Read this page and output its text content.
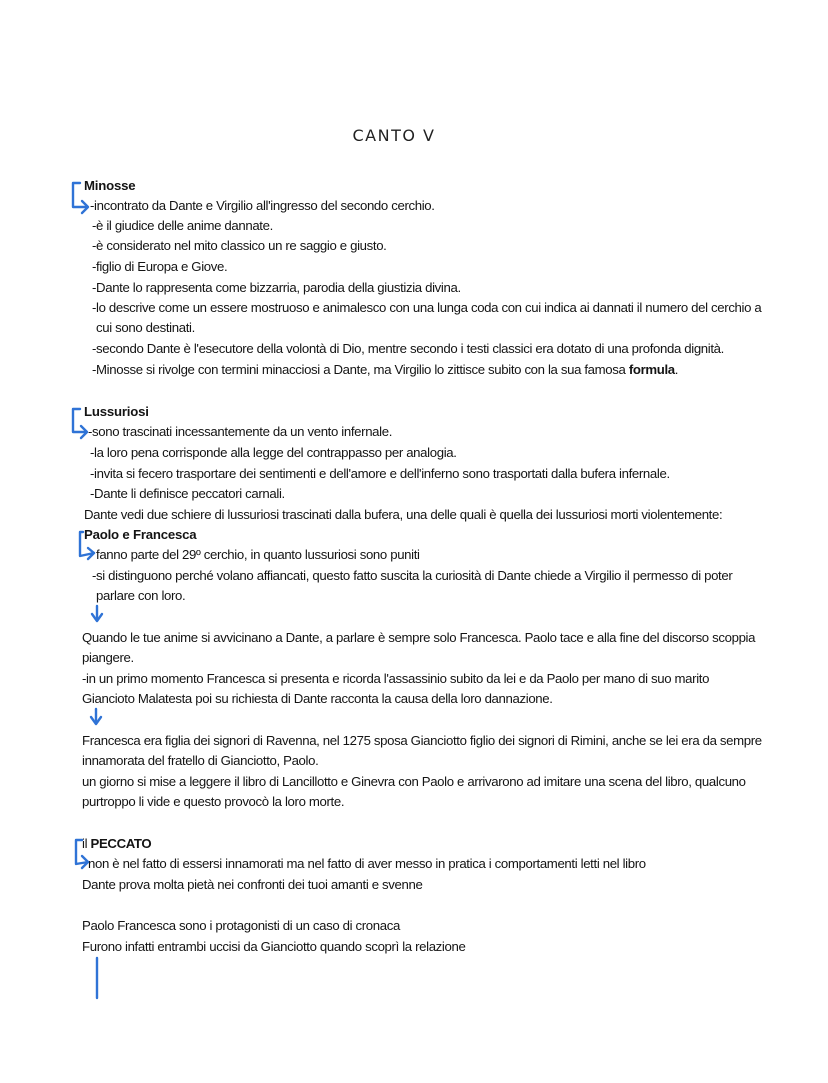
CANTO V
Minosse
-incontrato da Dante e Virgilio all'ingresso del secondo cerchio.
-è il giudice delle anime dannate.
-è considerato nel mito classico un re saggio e giusto.
-figlio di Europa e Giove.
-Dante lo rappresenta come bizzarria, parodia della giustizia divina.
-lo descrive come un essere mostruoso e animalesco con una lunga coda con cui indica ai dannati il numero del cerchio a
cui sono destinati.
-secondo Dante è l'esecutore della volontà di Dio, mentre secondo i testi classici era dotato di una profonda dignità.
-Minosse si rivolge con termini minacciosi a Dante, ma Virgilio lo zittisce subito con la sua famosa formula.
Lussuriosi
-sono trascinati incessantemente da un vento infernale.
-la loro pena corrisponde alla legge del contrappasso per analogia.
-invita si fecero trasportare dei sentimenti e dell'amore e dell'inferno sono trasportati dalla bufera infernale.
-Dante li definisce peccatori carnali.
Dante vedi due schiere di lussuriosi trascinati dalla bufera, una delle quali è quella dei lussuriosi morti violentemente:
Paolo e Francesca
fanno parte del 29º cerchio, in quanto lussuriosi sono puniti
-si distinguono perché volano affiancati, questo fatto suscita la curiosità di Dante chiede a Virgilio il permesso di poter
parlare con loro.
Quando le tue anime si avvicinano a Dante, a parlare è sempre solo Francesca. Paolo tace e alla fine del discorso scoppia
piangere.
-in un primo momento Francesca si presenta e ricorda l'assassinio subito da lei e da Paolo per mano di suo marito
Giancioto Malatesta poi su richiesta di Dante racconta la causa della loro dannazione.
Francesca era figlia dei signori di Ravenna, nel 1275 sposa Gianciotto figlio dei signori di Rimini, anche se lei era da sempre
innamorata del fratello di Gianciotto, Paolo.
un giorno si mise a leggere il libro di Lancillotto e Ginevra con Paolo e arrivarono ad imitare una scena del libro, qualcuno
purtroppo li vide e questo provocò la loro morte.
il PECCATO
non è nel fatto di essersi innamorati ma nel fatto di aver messo in pratica i comportamenti letti nel libro
Dante prova molta pietà nei confronti dei tuoi amanti e svenne
Paolo Francesca sono i protagonisti di un caso di cronaca
Furono infatti entrambi uccisi da Gianciotto quando scoprì la relazione
